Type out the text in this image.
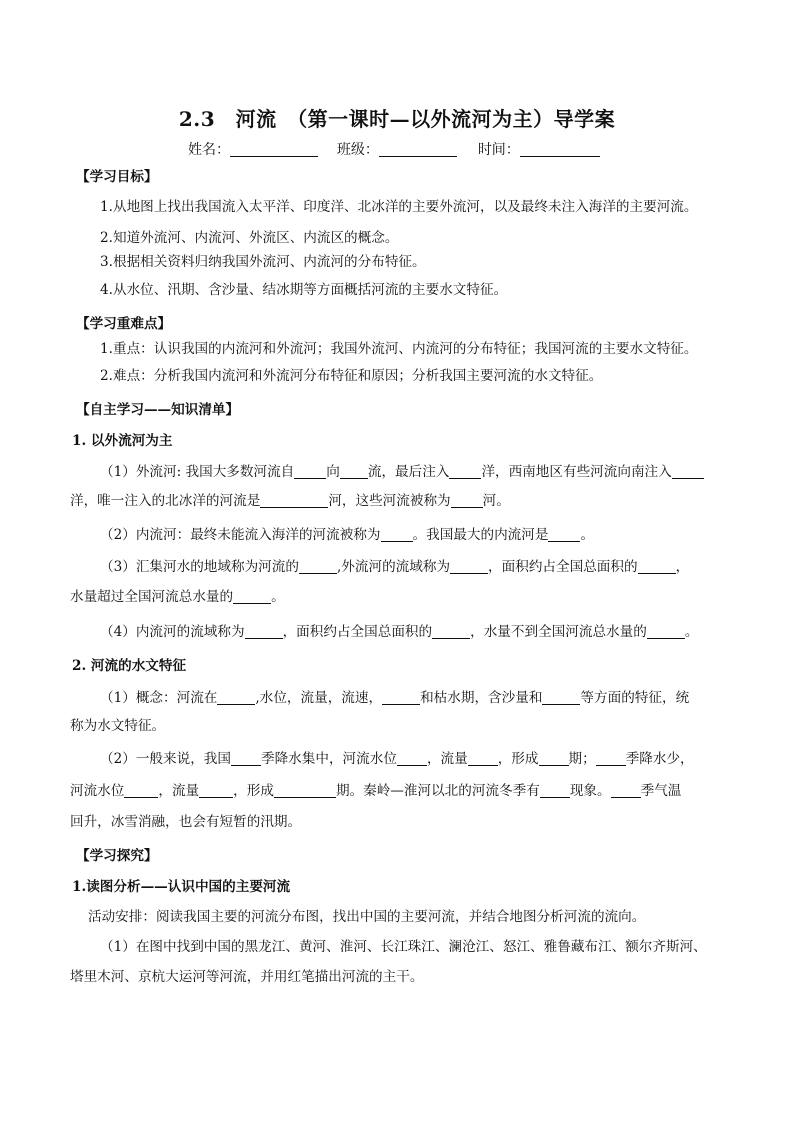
2.3　河流　（第一课时—以外流河为主）导学案
姓名：	班级：	时间：
【学习目标】
1.从地图上找出我国流入太平洋、印度洋、北冰洋的主要外流河，以及最终未注入海洋的主要河流。
2.知道外流河、内流河、外流区、内流区的概念。
3.根据相关资料归纳我国外流河、内流河的分布特征。
4.从水位、汛期、含沙量、结冰期等方面概括河流的主要水文特征。
【学习重难点】
1.重点：认识我国的内流河和外流河；我国外流河、内流河的分布特征；我国河流的主要水文特征。
2.难点：分析我国内流河和外流河分布特征和原因；分析我国主要河流的水文特征。
【自主学习——知识清单】
1. 以外流河为主
（1）外流河: 我国大多数河流自 向 流，最后注入 洋，西南地区有些河流向南注入
洋，唯一注入的北冰洋的河流是	河，这些河流被称为 河。
（2）内流河：最终未能流入海洋的河流被称为 。我国最大的内流河是 。
（3）汇集河水的地域称为河流的	,外流河的流域称为	，面积约占全国总面积的	，
水量超过全国河流总水量的	。
（4）内流河的流域称为	，面积约占全国总面积的	，水量不到全国河流总水量的	。
2. 河流的水文特征
（1）概念：河流在	,水位，流量，流速，	和枯水期，含沙量和	等方面的特征，统
称为水文特征。
（2）一般来说，我国 季降水集中，河流水位 ，流量 ，形成 期； 季降水少，
河流水位	，流量	，形成	期。秦岭—淮河以北的河流冬季有 现象。 季气温
回升，冰雪消融，也会有短暂的汛期。
【学习探究】
1.读图分析——认识中国的主要河流
活动安排：阅读我国主要的河流分布图，找出中国的主要河流，并结合地图分析河流的流向。
（1）在图中找到中国的黑龙江、黄河、淮河、长江珠江、澜沧江、怒江、雅鲁藏布江、额尔齐斯河、
塔里木河、京杭大运河等河流，并用红笔描出河流的主干。
